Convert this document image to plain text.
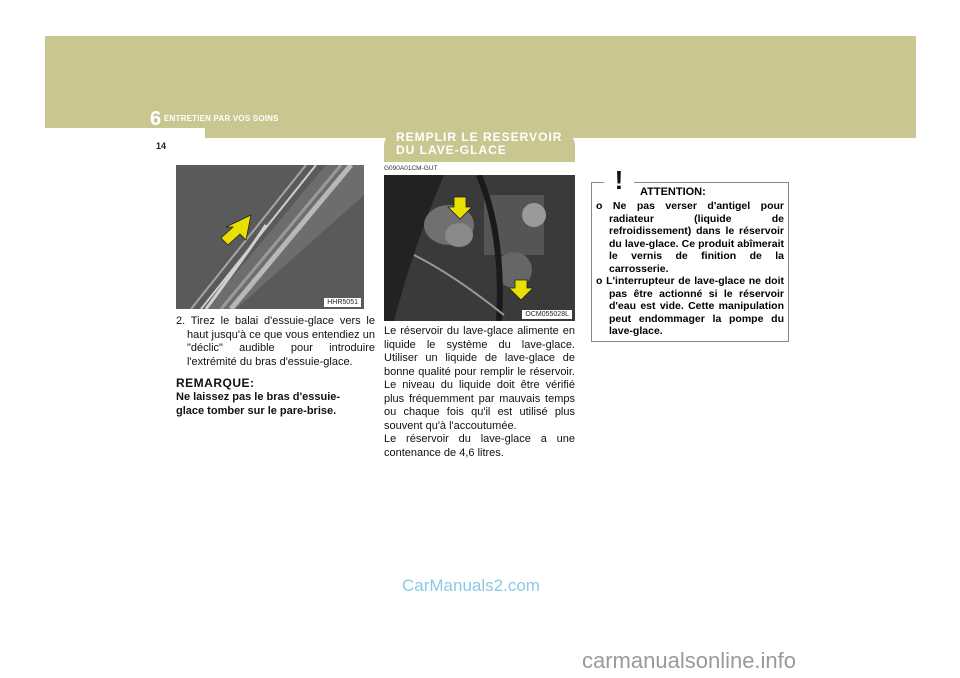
6 ENTRETIEN PAR VOS SOINS
14
HHR5051
2. Tirez le balai d'essuie-glace vers le haut jusqu'à ce que vous entendiez un "déclic" audible pour introduire l'extrémité du bras d'essuie-glace.
REMARQUE:
Ne laissez pas le bras d'essuie-glace tomber sur le pare-brise.
REMPLIR LE RESERVOIR DU LAVE-GLACE
G090A01CM-GUT
OCM055028L
Le réservoir du lave-glace alimente en liquide le système du lave-glace. Utiliser un liquide de lave-glace de bonne qualité pour remplir le réservoir. Le niveau du liquide doit être vérifié plus fréquemment par mauvais temps ou chaque fois qu'il est utilisé plus souvent qu'à l'accoutumée.
Le réservoir du lave-glace a une contenance de 4,6 litres.
! ATTENTION:

o Ne pas verser d'antigel pour radiateur (liquide de refroidissement) dans le réservoir du lave-glace. Ce produit abîmerait le vernis de finition de la carrosserie.

o L'interrupteur de lave-glace ne doit pas être actionné si le réservoir d'eau est vide. Cette manipulation peut endommager la pompe du lave-glace.

CarManuals2.com
carmanualsonline.info
